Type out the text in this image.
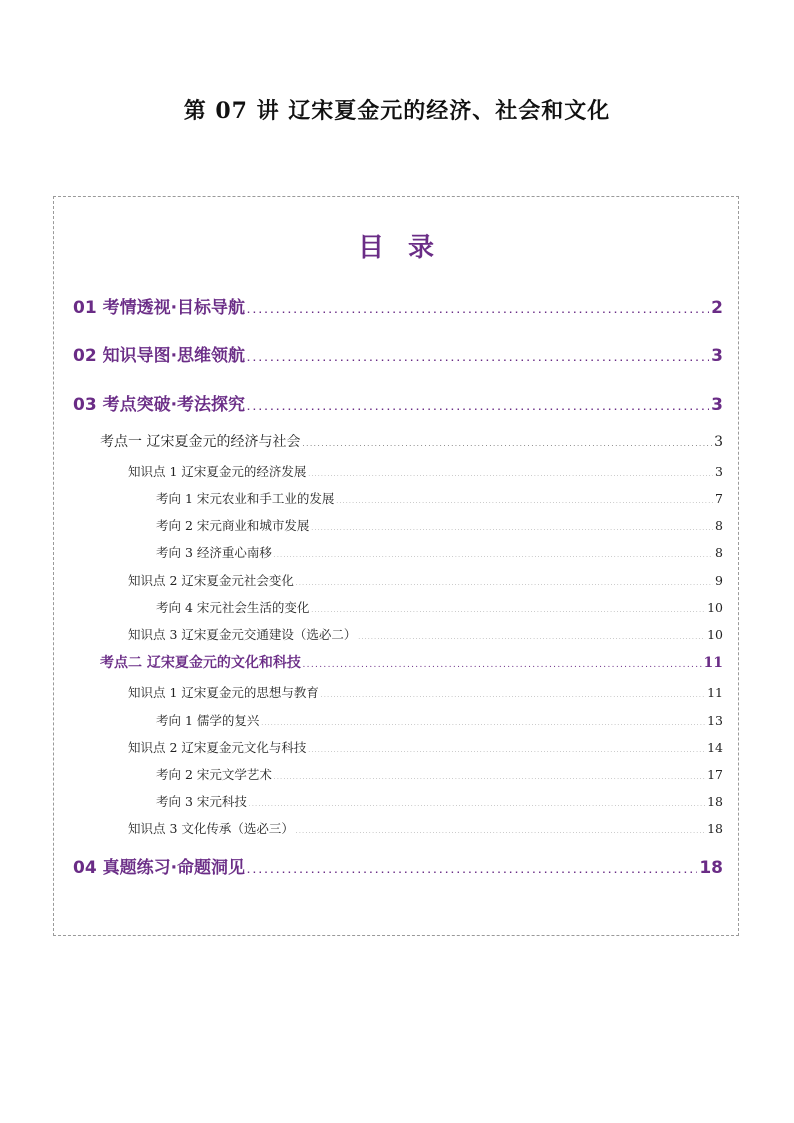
第 07 讲 辽宋夏金元的经济、社会和文化
目 录
01 考情透视·目标导航 . . .	2
02 知识导图·思维领航 . . .	3
03 考点突破·考法探究 . . .	3
考点一 辽宋夏金元的经济与社会 . . .	3
知识点 1 辽宋夏金元的经济发展 . . .	3
考向 1 宋元农业和手工业的发展 . . .	7
考向 2 宋元商业和城市发展 . . .	8
考向 3 经济重心南移 . . .	8
知识点 2 辽宋夏金元社会变化 . . .	9
考向 4 宋元社会生活的变化 . . .	10
知识点 3 辽宋夏金元交通建设（选必二） . . .	10
考点二 辽宋夏金元的文化和科技 . . .	11
知识点 1 辽宋夏金元的思想与教育 . . .	11
考向 1 儒学的复兴 . . .	13
知识点 2 辽宋夏金元文化与科技 . . .	14
考向 2 宋元文学艺术 . . .	17
考向 3 宋元科技 . . .	18
知识点 3 文化传承（选必三） . . .	18
04 真题练习·命题洞见 . . .	18
